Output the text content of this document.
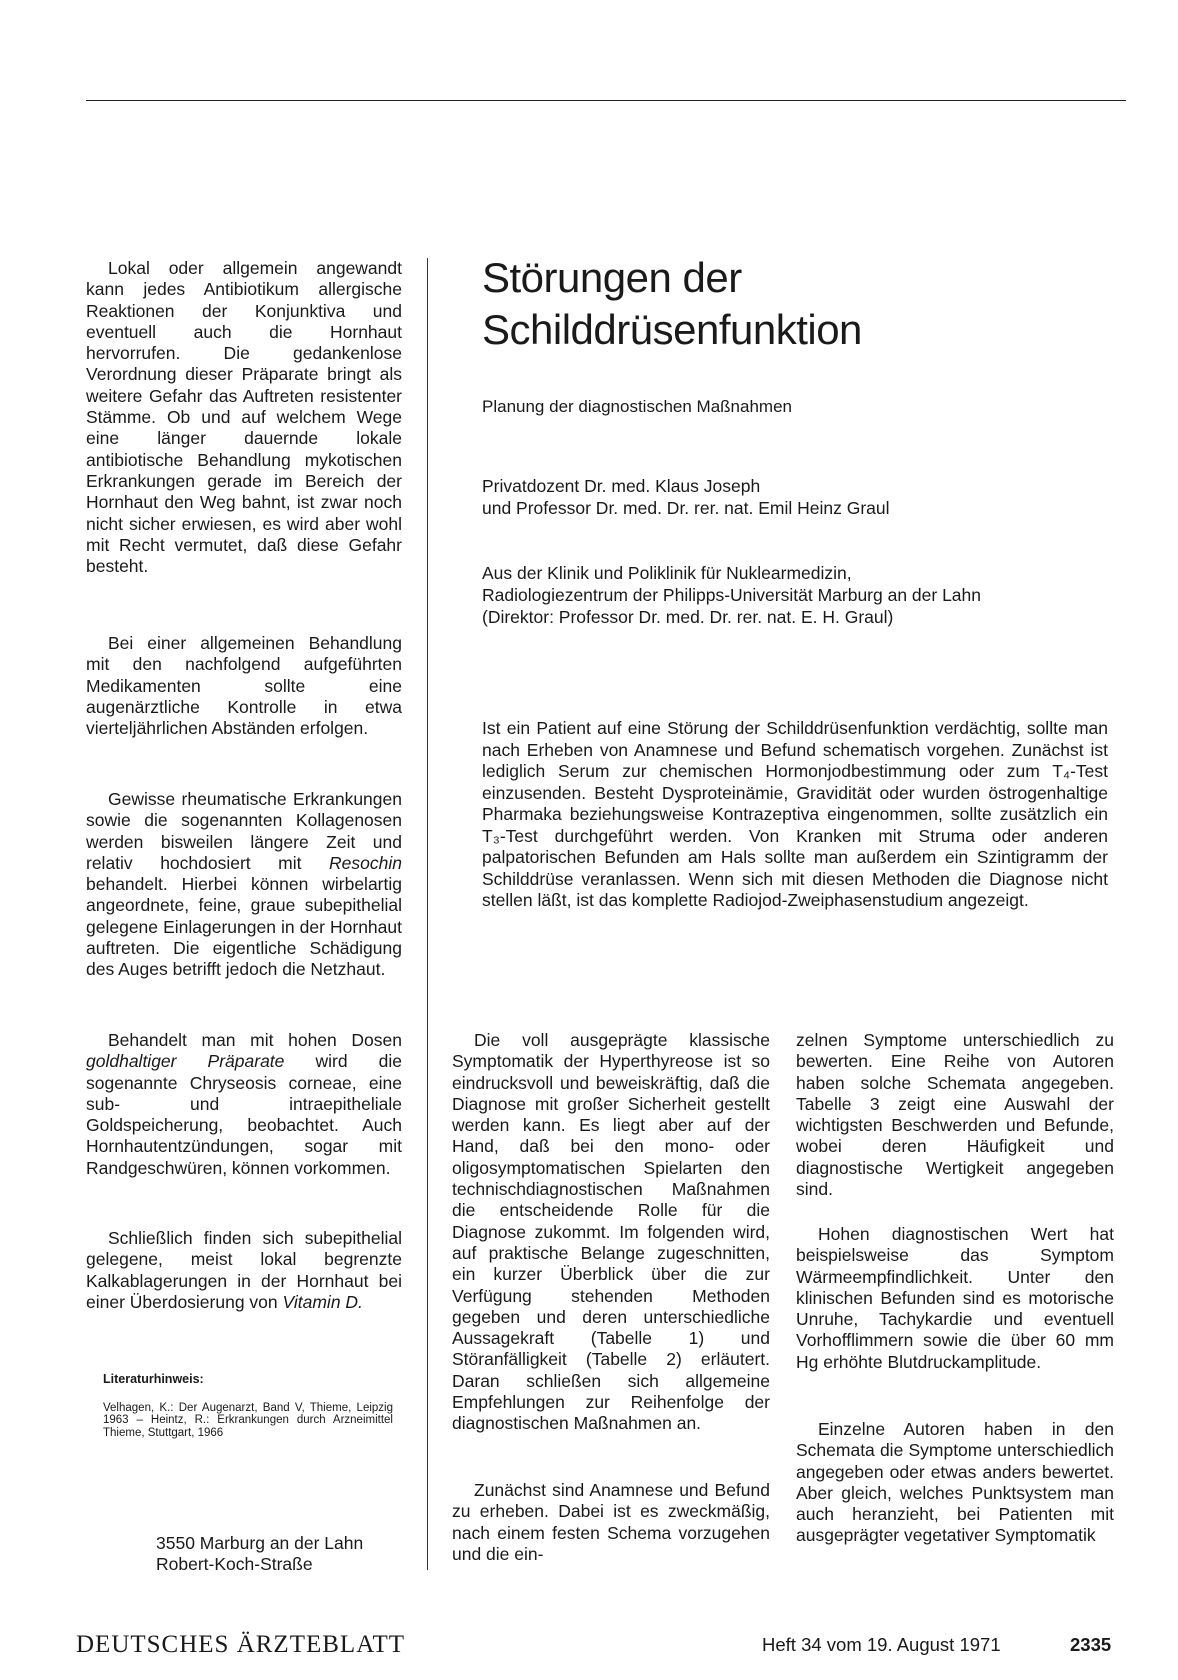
Lokal oder allgemein angewandt kann jedes Antibiotikum allergische Reaktionen der Konjunktiva und eventuell auch die Hornhaut hervorrufen. Die gedankenlose Verordnung dieser Präparate bringt als weitere Gefahr das Auftreten resistenter Stämme. Ob und auf welchem Wege eine länger dauernde lokale antibiotische Behandlung mykotischen Erkrankungen gerade im Bereich der Hornhaut den Weg bahnt, ist zwar noch nicht sicher erwiesen, es wird aber wohl mit Recht vermutet, daß diese Gefahr besteht.

Bei einer allgemeinen Behandlung mit den nachfolgend aufgeführten Medikamenten sollte eine augenärztliche Kontrolle in etwa vierteljährlichen Abständen erfolgen.

Gewisse rheumatische Erkrankungen sowie die sogenannten Kollagenosen werden bisweilen längere Zeit und relativ hochdosiert mit Resochin behandelt. Hierbei können wirbelartig angeordnete, feine, graue subepithelial gelegene Einlagerungen in der Hornhaut auftreten. Die eigentliche Schädigung des Auges betrifft jedoch die Netzhaut.

Behandelt man mit hohen Dosen goldhaltiger Präparate wird die sogenannte Chryseosis corneae, eine sub- und intraepitheliale Goldspeicherung, beobachtet. Auch Hornhautentzündungen, sogar mit Randgeschwüren, können vorkommen.

Schließlich finden sich subepithelial gelegene, meist lokal begrenzte Kalkablagerungen in der Hornhaut bei einer Überdosierung von Vitamin D.

Literaturhinweis:
Velhagen, K.: Der Augenarzt, Band V, Thieme, Leipzig 1963 – Heintz, R.: Erkrankungen durch Arzneimittel Thieme, Stuttgart, 1966
3550 Marburg an der Lahn
Robert-Koch-Straße
Störungen der
Schilddrüsenfunktion
Planung der diagnostischen Maßnahmen
Privatdozent Dr. med. Klaus Joseph
und Professor Dr. med. Dr. rer. nat. Emil Heinz Graul
Aus der Klinik und Poliklinik für Nuklearmedizin,
Radiologiezentrum der Philipps-Universität Marburg an der Lahn
(Direktor: Professor Dr. med. Dr. rer. nat. E. H. Graul)
Ist ein Patient auf eine Störung der Schilddrüsenfunktion verdächtig, sollte man nach Erheben von Anamnese und Befund schematisch vorgehen. Zunächst ist lediglich Serum zur chemischen Hormonjodbestimmung oder zum T₄-Test einzusenden. Besteht Dysproteinämie, Gravidität oder wurden östrogenhaltige Pharmaka beziehungsweise Kontrazeptiva eingenommen, sollte zusätzlich ein T₃-Test durchgeführt werden. Von Kranken mit Struma oder anderen palpatorischen Befunden am Hals sollte man außerdem ein Szintigramm der Schilddrüse veranlassen. Wenn sich mit diesen Methoden die Diagnose nicht stellen läßt, ist das komplette Radiojod-Zweiphasenstudium angezeigt.

Die voll ausgeprägte klassische Symptomatik der Hyperthyreose ist so eindrucksvoll und beweiskräftig, daß die Diagnose mit großer Sicherheit gestellt werden kann. Es liegt aber auf der Hand, daß bei den mono- oder oligosymptomatischen Spielarten den technischdiagnostischen Maßnahmen die entscheidende Rolle für die Diagnose zukommt. Im folgenden wird, auf praktische Belange zugeschnitten, ein kurzer Überblick über die zur Verfügung stehenden Methoden gegeben und deren unterschiedliche Aussagekraft (Tabelle 1) und Störanfälligkeit (Tabelle 2) erläutert. Daran schließen sich allgemeine Empfehlungen zur Reihenfolge der diagnostischen Maßnahmen an.

Zunächst sind Anamnese und Befund zu erheben. Dabei ist es zweckmäßig, nach einem festen Schema vorzugehen und die ein-

zelnen Symptome unterschiedlich zu bewerten. Eine Reihe von Autoren haben solche Schemata angegeben. Tabelle 3 zeigt eine Auswahl der wichtigsten Beschwerden und Befunde, wobei deren Häufigkeit und diagnostische Wertigkeit angegeben sind.

Hohen diagnostischen Wert hat beispielsweise das Symptom Wärmeempfindlichkeit. Unter den klinischen Befunden sind es motorische Unruhe, Tachykardie und eventuell Vorhofflimmern sowie die über 60 mm Hg erhöhte Blutdruckamplitude.

Einzelne Autoren haben in den Schemata die Symptome unterschiedlich angegeben oder etwas anders bewertet. Aber gleich, welches Punktsystem man auch heranzieht, bei Patienten mit ausgeprägter vegetativer Symptomatik

DEUTSCHES ÄRZTEBLATT	Heft 34 vom 19. August 1971	2335
